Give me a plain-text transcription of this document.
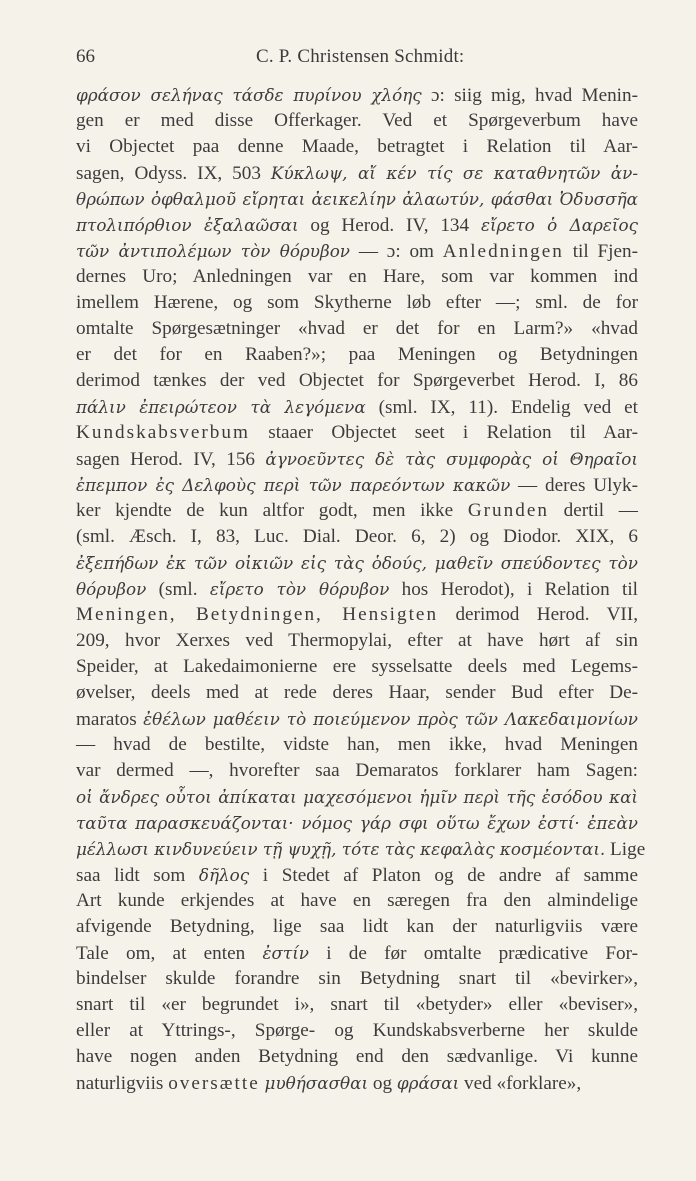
66	C. P. Christensen Schmidt:
φράσον σελήνας τάσδε πυρίνου χλόης ɔ: siig mig, hvad Menin-
gen er med disse Offerkager. Ved et Spørgeverbum have
vi Objectet paa denne Maade, betragtet i Relation til Aar-
sagen, Odyss. IX, 503 Κύκλωψ, αἴ κέν τίς σε καταθνητῶν ἀν-
θρώπων ὀφθαλμοῦ εἴρηται ἀεικελίην ἀλαωτύν, φάσθαι Ὀδυσσῆα
πτολιπόρθιον ἐξαλαῶσαι og Herod. IV, 134 εἴρετο ὁ Δαρεῖος
τῶν ἀντιπολέμων τὸν θόρυβον — ɔ: om Anledningen til Fjen-
dernes Uro; Anledningen var en Hare, som var kommen ind
imellem Hærene, og som Skytherne løb efter —; sml. de for
omtalte Spørgesætninger «hvad er det for en Larm?» «hvad
er det for en Raaben?»; paa Meningen og Betydningen
derimod tænkes der ved Objectet for Spørgeverbet Herod. I, 86
πάλιν ἐπειρώτεον τὰ λεγόμενα (sml. IX, 11). Endelig ved et
Kundskabsverbum staaer Objectet seet i Relation til Aar-
sagen Herod. IV, 156 ἀγνοεῦντες δὲ τὰς συμφορὰς οἱ Θηραῖοι
ἐπεμπον ἐς Δελφοὺς περὶ τῶν παρεόντων κακῶν — deres Ulyk-
ker kjendte de kun altfor godt, men ikke Grunden dertil —
(sml. Æsch. I, 83, Luc. Dial. Deor. 6, 2) og Diodor. XIX, 6
ἐξεπήδων ἐκ τῶν οἰκιῶν εἰς τὰς ὁδούς, μαθεῖν σπεύδοντες τὸν
θόρυβον (sml. εἴρετο τὸν θόρυβον hos Herodot), i Relation til
Meningen, Betydningen, Hensigten derimod Herod. VII,
209, hvor Xerxes ved Thermopylai, efter at have hørt af sin
Speider, at Lakedaimonierne ere sysselsatte deels med Legems-
øvelser, deels med at rede deres Haar, sender Bud efter De-
maratos ἐθέλων μαθέειν τὸ ποιεύμενον πρὸς τῶν Λακεδαιμονίων
— hvad de bestilte, vidste han, men ikke, hvad Meningen
var dermed —, hvorefter saa Demaratos forklarer ham Sagen:
οἱ ἄνδρες οὗτοι ἀπίκαται μαχεσόμενοι ἡμῖν περὶ τῆς ἐσόδου καὶ
ταῦτα παρασκευάζονται· νόμος γάρ σφι οὕτω ἔχων ἐστί· ἐπεὰν
μέλλωσι κινδυνεύειν τῇ ψυχῇ, τότε τὰς κεφαλὰς κοσμέονται. Lige
saa lidt som δῆλος i Stedet af Platon og de andre af samme
Art kunde erkjendes at have en særegen fra den almindelige
afvigende Betydning, lige saa lidt kan der naturligviis være
Tale om, at enten ἐστίν i de før omtalte prædicative For-
bindelser skulde forandre sin Betydning snart til «bevirker»,
snart til «er begrundet i», snart til «betyder» eller «beviser»,
eller at Yttrings-, Spørge- og Kundskabsverberne her skulde
have nogen anden Betydning end den sædvanlige. Vi kunne
naturligviis oversætte μυθήσασθαι og φράσαι ved «forklare»,
